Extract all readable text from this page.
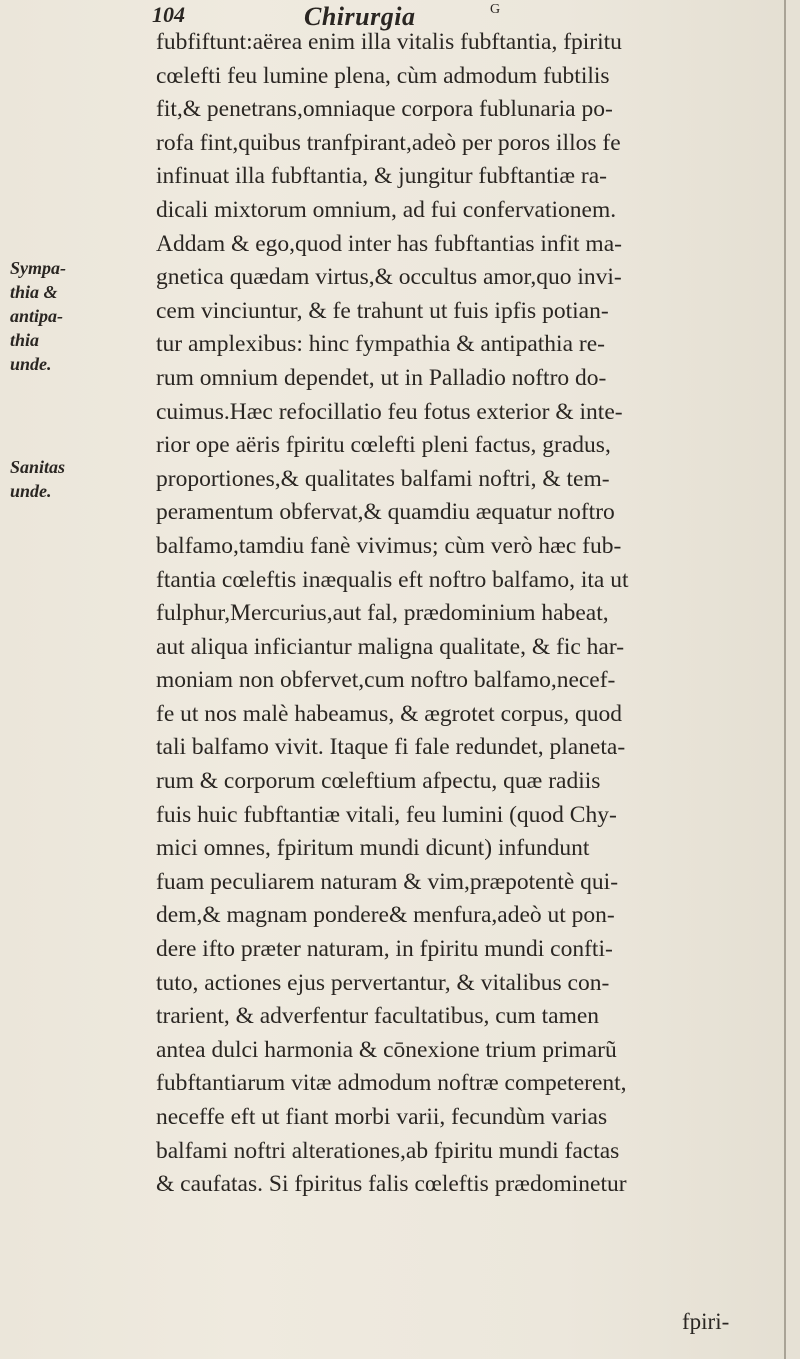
104	Chirurgia	G
Sympa-
thia &
antipa-
thia
unde.
Sanitas
unde.
fubfiftunt:aërea enim illa vitalis fubftantia, fpiritu
cœlefti feu lumine plena, cùm admodum fubtilis
fit,& penetrans,omniaque corpora fublunaria po-
rofa fint,quibus tranfpirant,adeò per poros illos fe
infinuat illa fubftantia, & jungitur fubftantiæ ra-
dicali mixtorum omnium, ad fui confervationem.
Addam & ego,quod inter has fubftantias infit ma-
gnetica quædam virtus,& occultus amor,quo invi-
cem vinciuntur, & fe trahunt ut fuis ipfis potian-
tur amplexibus: hinc fympathia & antipathia re-
rum omnium dependet, ut in Palladio noftro do-
cuimus.Hæc refocillatio feu fotus exterior & inte-
rior ope aëris fpiritu cœlefti pleni factus, gradus,
proportiones,& qualitates balfami noftri, & tem-
peramentum obfervat,& quamdiu æquatur noftro
balfamo,tamdiu fanè vivimus; cùm verò hæc fub-
ftantia cœleftis inæqualis eft noftro balfamo, ita ut
fulphur,Mercurius,aut fal, prædominium habeat,
aut aliqua inficiantur maligna qualitate, & fic har-
moniam non obfervet,cum noftro balfamo,necef-
fe ut nos malè habeamus, & ægrotet corpus, quod
tali balfamo vivit. Itaque fi fale redundet, planeta-
rum & corporum cœleftium afpectu, quæ radiis
fuis huic fubftantiæ vitali, feu lumini (quod Chy-
mici omnes, fpiritum mundi dicunt) infundunt
fuam peculiarem naturam & vim,præpotentè qui-
dem,& magnam pondere& menfura,adeò ut pon-
dere ifto præter naturam, in fpiritu mundi confti-
tuto, actiones ejus pervertantur, & vitalibus con-
trarient, & adverfentur facultatibus, cum tamen
antea dulci harmonia & cōnexione trium primarũ
fubftantiarum vitæ admodum noftræ competerent,
neceffe eft ut fiant morbi varii, fecundùm varias
balfami noftri alterationes,ab fpiritu mundi factas
& caufatas. Si fpiritus falis cœleftis prædominetur
fpiri-
